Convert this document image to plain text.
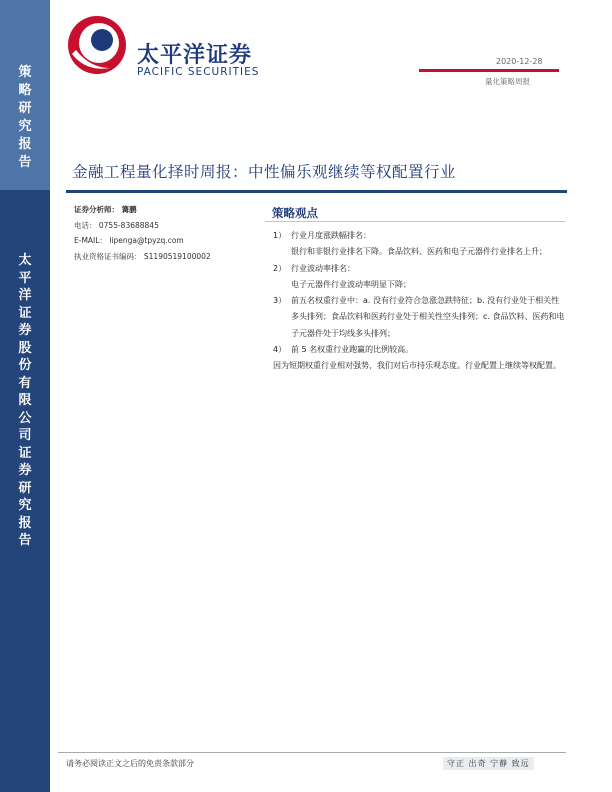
策
略
研
究
报
告
太
平
洋
证
券
股
份
有
限
公
司
证
券
研
究
报
告
太平洋证券
PACIFIC SECURITIES
2020-12-28
量化策略周报
金融工程量化择时周报：中性偏乐观继续等权配置行业
证券分析师： 篝鹏
电话： 0755-83688845
E-MAIL： lipenga@tpyzq.com
执业资格证书编码： S1190519100002
策略观点
1） 行业月度涨跌幅排名：
银行和非银行业排名下降。食品饮料、医药和电子元器件行业排名上升；
2） 行业波动率排名：
电子元器件行业波动率明显下降；
3） 前五名权重行业中：a. 没有行业符合急涨急跌特征；b. 没有行业处于相关性多头排列；食品饮料和医药行业处于相关性空头排列；c. 食品饮料、医药和电子元器件处于均线多头排列；
4） 前 5 名权重行业跑赢的比例较高。
因为短期权重行业相对强势，我们对后市持乐观态度。行业配置上继续等权配置。
请务必阅读正文之后的免责条款部分	守正 出奇 宁静 致远
